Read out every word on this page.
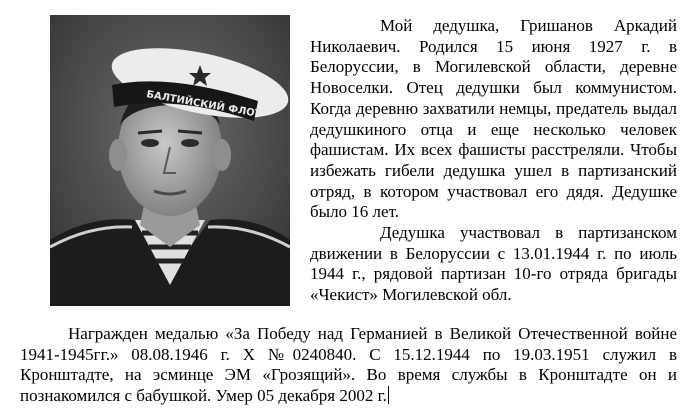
БАЛТИЙСКИЙ ФЛОТ

Мой дедушка, Гришанов Аркадий Николаевич. Родился 15 июня 1927 г. в Белоруссии, в Могилевской области, деревне Новоселки. Отец дедушки был коммунистом. Когда деревню захватили немцы, предатель выдал дедушкиного отца и еще несколько человек фашистам. Их всех фашисты расстреляли. Чтобы избежать гибели дедушка ушел в партизанский отряд, в котором участвовал его дядя. Дедушке было 16 лет.

Дедушка участвовал в партизанском движении в Белоруссии с 13.01.1944 г. по июль 1944 г., рядовой партизан 10-го отряда бригады «Чекист» Могилевской обл.

Награжден медалью «За Победу над Германией в Великой Отечественной войне 1941-1945гг.» 08.08.1946 г. Х №0240840. С 15.12.1944 по 19.03.1951 служил в Кронштадте, на эсминце ЭМ «Грозящий». Во время службы в Кронштадте он и познакомился с бабушкой. Умер 05 декабря 2002 г.
